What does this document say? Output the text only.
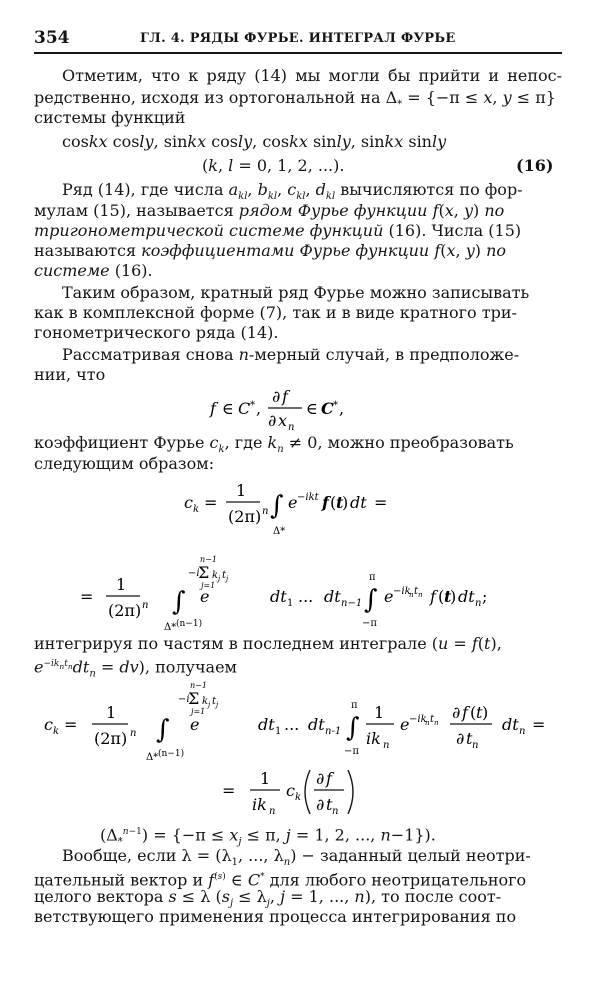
354	ГЛ. 4. РЯДЫ ФУРЬЕ. ИНТЕГРАЛ ФУРЬЕ
Отметим, что к ряду (14) мы могли бы прийти и непос-
редственно, исходя из ортогональной на $\Delta_* = \{-\pi \le x$, y ≤ π}
системы функций
coskx cosly, sinkx cosly, coskx sinly, sinkx sinly
(k, l = 0, 1, 2, ...).	(16)
Ряд (14), где числа $a_{kl}$, $b_{kl}$, $c_{kl}$, $d_{kl}$ вычисляются по фор-
мулам (15), называется рядом Фурье функции f(x, y) по
тригонометрической системе функций (16). Числа (15)
называются коэффициентами Фурье функции f(x, y) по
системе (16).
Таким образом, кратный ряд Фурье можно записывать
как в комплексной форме (7), так и в виде кратного три-
гонометрического ряда (14).
Рассматривая снова n-мерный случай, в предположе-
нии, что
f ∈ C * ,
∂ f
∂ x n
∈ C * ,
коэффициент Фурье $c_k$, где $k_n \ne 0$, можно преобразовать
следующим образом:
c k =
1
(2π) n ∫
Δ*
e −ikt f ( t
) dt =
=
1
(2π) n ∫
Δ* (n−1)
e
−i
Σ
n−1
j=1
k j t j
dt 1 ... dt n−1 ∫
π
−π
e −ik
n t n f ( t
) dt n ;
интегрируя по частям в последнем интеграле (u = f(t),
$e^{-ik_nt_n}dt_n = dv$), получаем
c k =
1
(2π) n ∫
Δ* (n−1)
e
−i
Σ
n−1
j=1
k j t j
dt 1 ... dt n-1 ∫
π
−π
1
ik n
e −ik
n t n
∂ f ( t )
∂ t n
dt n =
=
1
ik n
c k
∂ f
∂ t n
$(\Delta_*^{n-1}) = \{-\pi \le x_j \le \pi$, j = 1, 2, ..., n−1}).
Вообще, если $\lambda = (\lambda_1$, ..., $\lambda_n$) − заданный целый неотри-
цательный вектор и $f^{(s)}$ ∈ C* для любого неотрицательного
целого вектора s ≤ λ ($s_j \le \lambda_j$, j = 1, ..., n), то после соот-
ветствующего применения процесса интегрирования по
